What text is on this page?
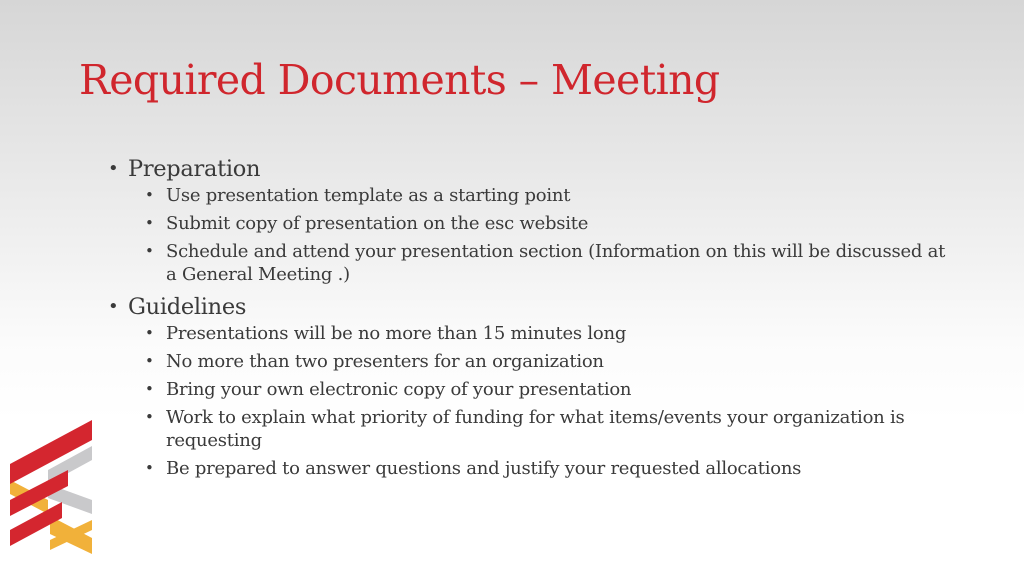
Required Documents – Meeting
• Preparation
• Use presentation template as a starting point
• Submit copy of presentation on the esc website
• Schedule and attend your presentation section (Information on this will be discussed at a General Meeting .)
• Guidelines
• Presentations will be no more than 15 minutes long
• No more than two presenters for an organization
• Bring your own electronic copy of your presentation
• Work to explain what priority of funding for what items/events your organization is requesting
• Be prepared to answer questions and justify your requested allocations
